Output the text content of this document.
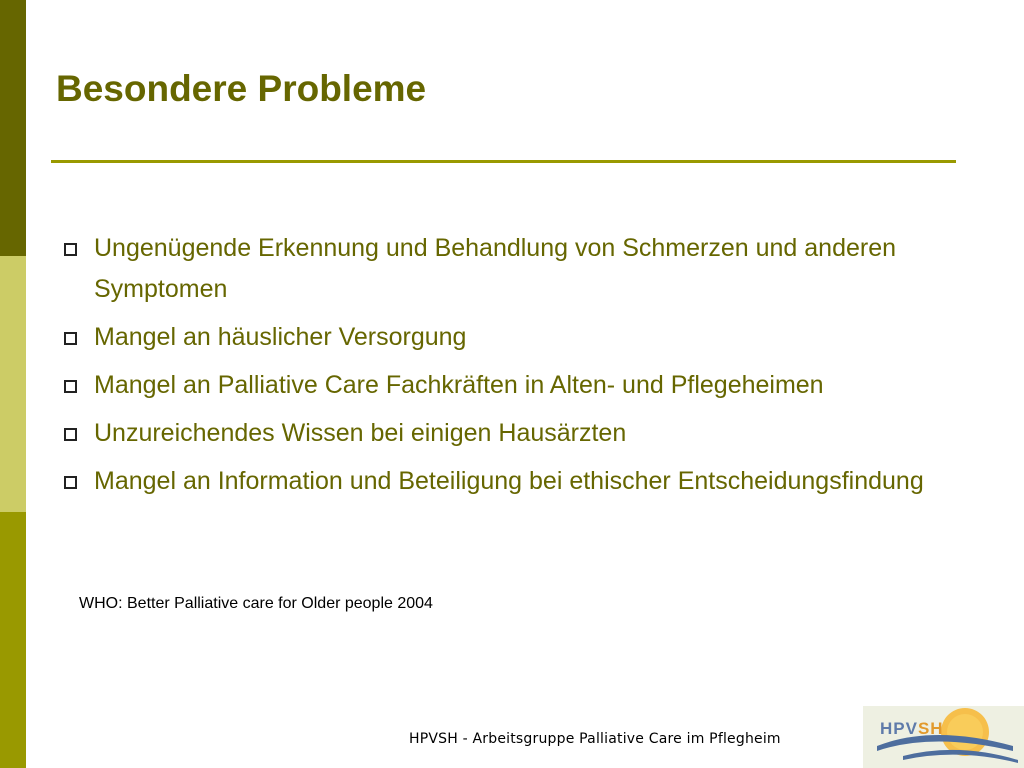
Besondere Probleme
Ungenügende Erkennung und Behandlung von Schmerzen und anderen Symptomen
Mangel an häuslicher Versorgung
Mangel an Palliative Care Fachkräften in Alten- und Pflegeheimen
Unzureichendes Wissen bei einigen Hausärzten
Mangel an Information und Beteiligung bei ethischer Entscheidungsfindung
WHO: Better Palliative care for Older people 2004
HPVSH - Arbeitsgruppe Palliative Care im Pflegheim
HPVSH
